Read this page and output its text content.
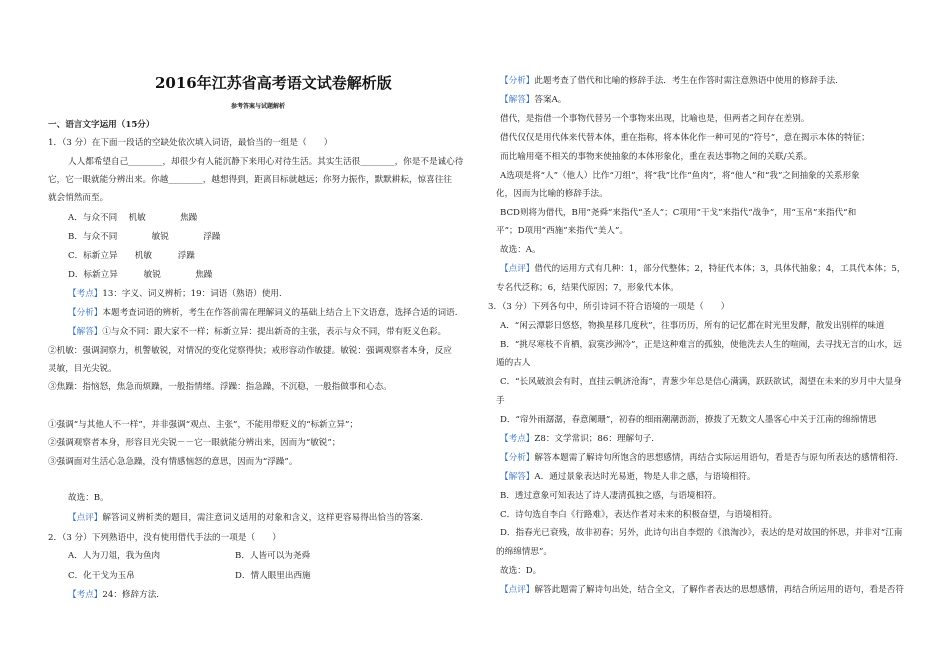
2016年江苏省高考语文试卷解析版
参考答案与试题解析
一、语言文字运用（15分）
1．（3 分）在下面一段话的空缺处依次填入词语，最恰当的一组是（　　）
人人都希望自己________，却很少有人能沉静下来用心对待生活。其实生活很________，你是不是诚心待
它，它一眼就能分辨出来。你越________，越想得到，距离目标就越远；你努力振作，默默耕耘，惊喜往往
就会悄然而至。
A．与众不同　 机敏　　　　焦躁
B．与众不同　　　　敏锐　　　　浮躁
C．标新立异　　机敏　　　浮躁
D．标新立异　　　敏锐　　　　焦躁
【考点】13：字义、词义辨析；19：词语（熟语）使用.
【分析】本题考查词语的辨析，考生在作答前需在理解词义的基础上结合上下文语意，选择合适的词语.
【解答】①与众不同：跟大家不一样；标新立异：提出新奇的主张，表示与众不同，带有贬义色彩。
②机敏：强调洞察力，机警敏锐，对情况的变化觉察得快；戒形容动作敏捷。敏锐：强调观察者本身，反应
灵敏，目光尖锐。
③焦躁：指恼怒，焦急而烦躁，一般指情绪。浮躁：指急躁，不沉稳，一般指做事和心态。
①强调“与其他人不一样”，并非强调“观点、主张”，不能用带贬义的“标新立异”；
②强调观察者本身，形容目光尖锐－－它一眼就能分辨出来，因而为“敏锐”；
③强调面对生活心急急躁，没有情感恼怒的意思，因而为“浮躁”。
故选：B。
【点评】解答词义辨析类的题目，需注意词义适用的对象和含义，这样更容易得出恰当的答案.
2．（3 分）下列熟语中，没有使用借代手法的一项是（　　）
A．人为刀俎，我为鱼肉	B．人皆可以为尧舜
C．化干戈为玉帛	D．情人眼里出西施
【考点】24：修辞方法.
【分析】此题考查了借代和比喻的修辞手法．考生在作答时需注意熟语中使用的修辞手法.
【解答】答案A。
借代，是指借一个事物代替另一个事物来出现，比喻也是，但两者之间存在差别。
借代仅仅是用代体来代替本体，重在指称，将本体化作一种可见的“符号”，意在揭示本体的特征；
而比喻用毫不相关的事物来使抽象的本体形象化，重在表达事物之间的关联/关系。
A选项是将“人”（他人）比作“刀组”，将“我”比作“鱼肉”，将“他人”和“我”之间抽象的关系形象
化，因而为比喻的修辞手法。
BCD则将为借代，B用“尧舜”来指代“圣人”；C项用“干戈”来指代“战争”，用“玉帛”来指代“和
平”；D项用“西施”来指代“美人”。
故选：A。
【点评】借代的运用方式有几种：1，部分代整体；2，特征代本体；3，具体代抽象；4，工具代本体；5，
专名代泛称；6，结果代原因；7，形象代本体。
3．（3 分）下列各句中，所引诗词不符合语境的一项是（　　）
A．“闲云潭影日悠悠，物换星移几度秋”，往事历历，所有的记忆都在时光里发酵，散发出别样的味道
B．“挑尽寒枝不肯栖，寂寞沙洲冷”，正是这种难言的孤独，使他洗去人生的喧闹，去寻找无言的山水，远
遁的古人
C．“长风破浪会有时，直挂云帆济沧海”，青葱少年总是信心满满，跃跃欲试，渴望在未来的岁月中大显身
手
D．“帘外雨潺潺，春意阑珊”，初春的细雨潮潮沥沥，撩拨了无数文人墨客心中关于江南的绵绵情思
【考点】Z8：文学常识；86：理解句子.
【分析】解答本题需了解诗句所饱含的思想感情，再结合实际运用语句，看是否与原句所表达的感情相符.
【解答】A．通过景象表达时光易逝，物是人非之感，与语境相符。
B．透过意象可知表达了诗人凄清孤独之感，与语境相符。
C．诗句选自李白《行路难》，表达作者对未来的积极奋望，与语境相符。
D．指春光已衰残，故非初春；另外，此诗句出自李煜的《浪淘沙》，表达的是对故国的怀思，并非对“江南
的绵绵情思”。
故选：D。
【点评】解答此题需了解诗句出处，结合全文，了解作者表达的思想感情，再结合所运用的语句，看是否符
